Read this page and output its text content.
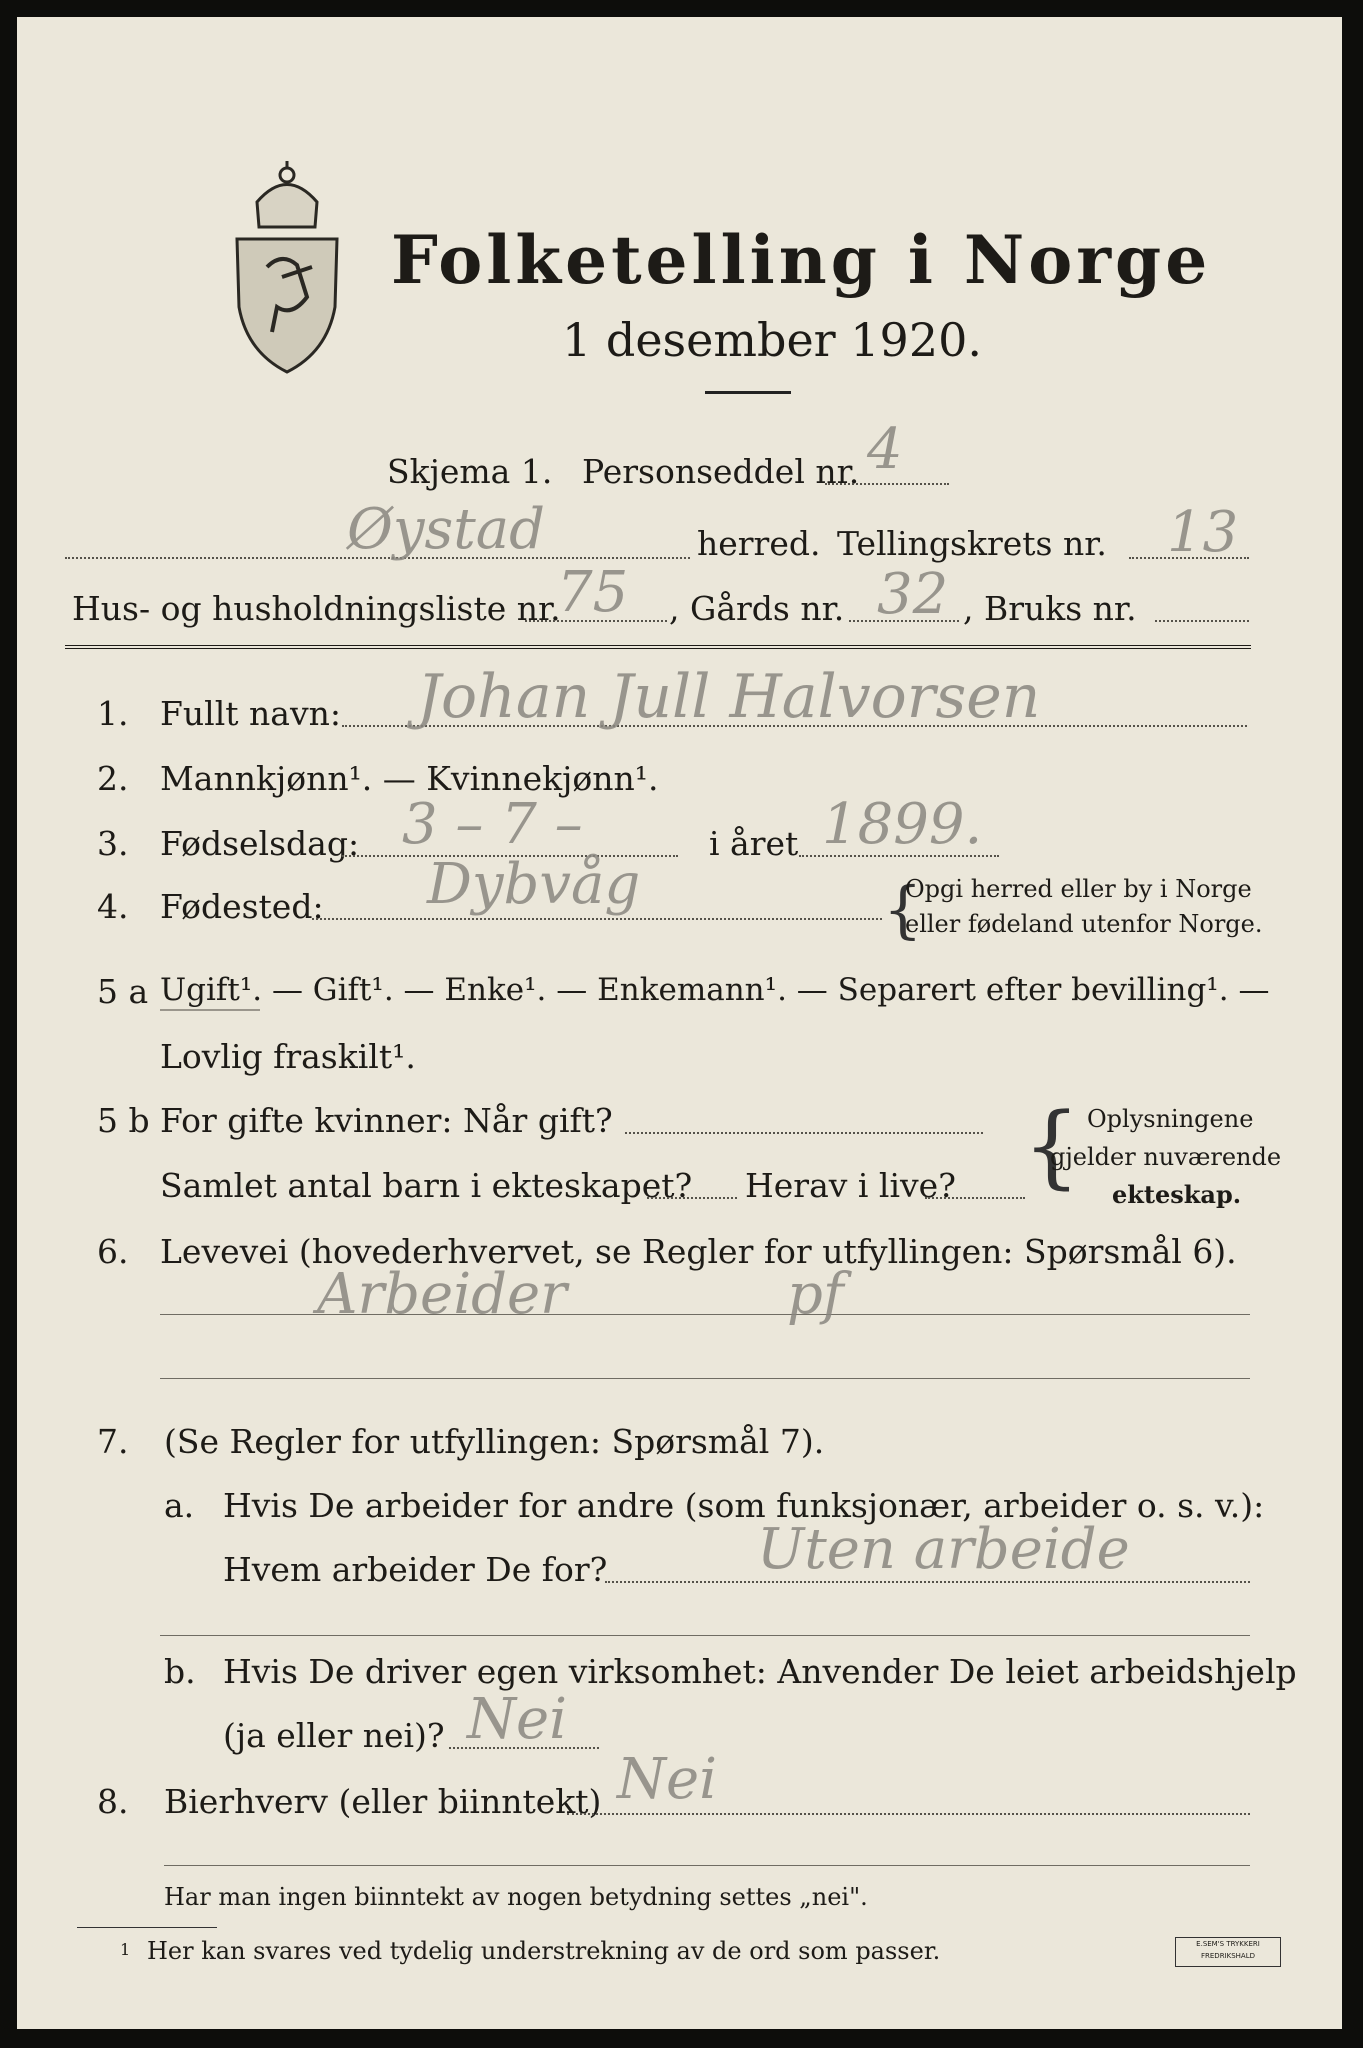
Folketelling i Norge
1 desember 1920.
Skjema 1. Personseddel nr. 4
Øystad	herred. Tellingskrets nr. 13
Hus- og husholdningsliste nr.
75 , Gårds nr. 32 , Bruks nr.
1. Fullt navn: Johan Jull Halvorsen
2. Mannkjønn¹. — Kvinnekjønn¹.
3. Fødselsdag: 3 – 7 –	i året 1899.
4. Fødested: Dybvåg	{
Opgi herred eller by i Norge
eller fødeland utenfor Norge.
5 a Ugift¹. — Gift¹. — Enke¹. — Enkemann¹. — Separert efter bevilling¹. —
Lovlig fraskilt¹.
5 b For gifte kvinner: Når gift?
Samlet antal barn i ekteskapet? Herav i live? { Oplysningene
gjelder nuværende
ekteskap.
6. Levevei (hovederhvervet, se Regler for utfyllingen: Spørsmål 6).
Arbeider	pf
7. (Se Regler for utfyllingen: Spørsmål 7).
a. Hvis De arbeider for andre (som funksjonær, arbeider o. s. v.):
Hvem arbeider De for?	Uten arbeide
b. Hvis De driver egen virksomhet: Anvender De leiet arbeidshjelp
(ja eller nei)? Nei
8. Bierhverv (eller biinntekt) Nei
Har man ingen biinntekt av nogen betydning settes „nei".
1 Her kan svares ved tydelig understrekning av de ord som passer.	E.SEM'S TRYKKERI
FREDRIKSHALD
